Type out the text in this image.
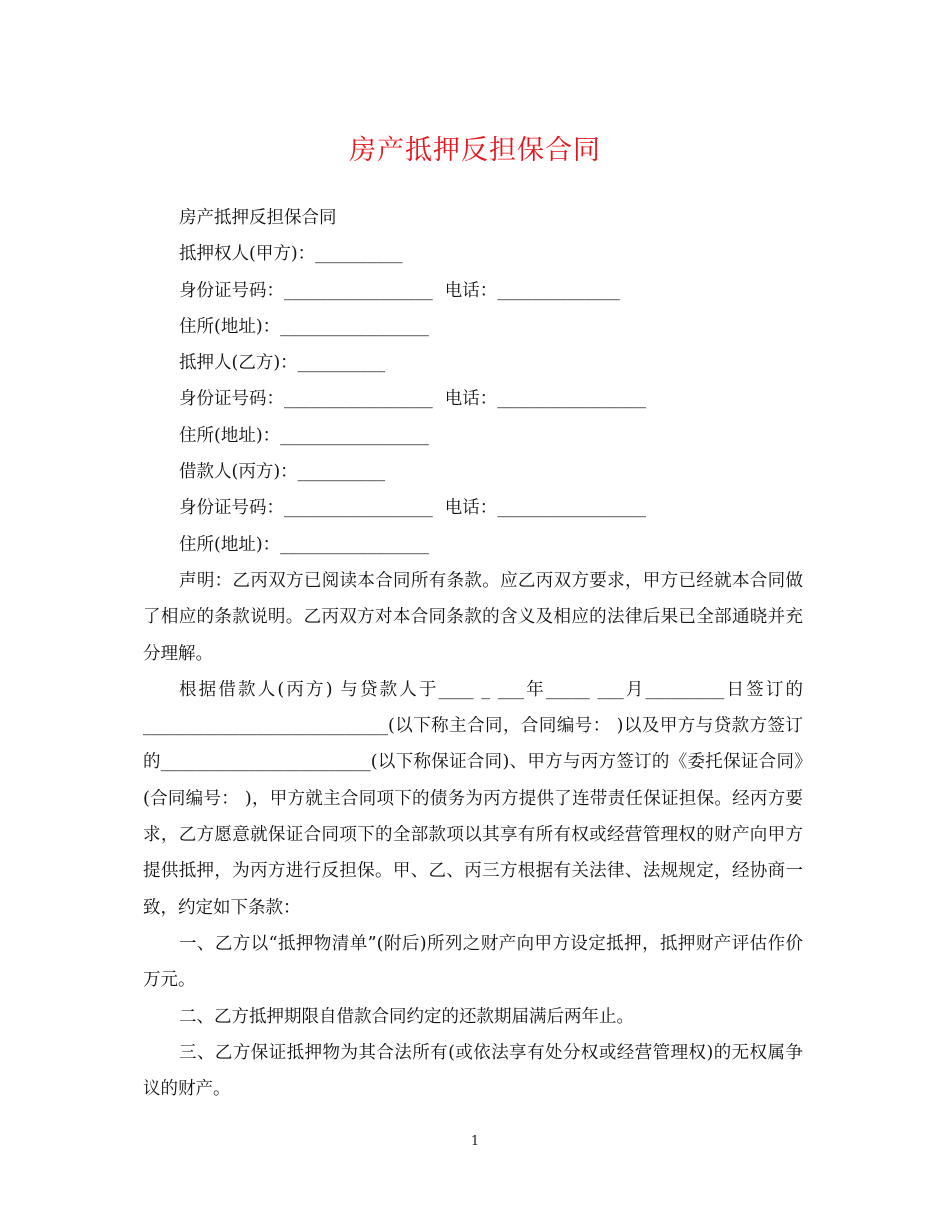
房产抵押反担保合同

房产抵押反担保合同

抵押权人(甲方)：__________

身份证号码：_________________ 电话：______________

住所(地址)：_________________

抵押人(乙方)：__________

身份证号码：_________________ 电话：_________________

住所(地址)：_________________

借款人(丙方)：__________

身份证号码：_________________ 电话：_________________

住所(地址)：_________________

声明：乙丙双方已阅读本合同所有条款。应乙丙双方要求，甲方已经就本合同做了相应的条款说明。乙丙双方对本合同条款的含义及相应的法律后果已全部通晓并充分理解。

根据借款人(丙方) 与贷款人于____ _ ___年_____ ___月_________日签订的____________________________(以下称主合同，合同编号： )以及甲方与贷款方签订的________________________(以下称保证合同)、甲方与丙方签订的《委托保证合同》(合同编号： )，甲方就主合同项下的债务为丙方提供了连带责任保证担保。经丙方要求，乙方愿意就保证合同项下的全部款项以其享有所有权或经营管理权的财产向甲方提供抵押，为丙方进行反担保。甲、乙、丙三方根据有关法律、法规规定，经协商一致，约定如下条款：

一、乙方以“抵押物清单”(附后)所列之财产向甲方设定抵押，抵押财产评估作价 万元。

二、乙方抵押期限自借款合同约定的还款期届满后两年止。

三、乙方保证抵押物为其合法所有(或依法享有处分权或经营管理权)的无权属争议的财产。

1
